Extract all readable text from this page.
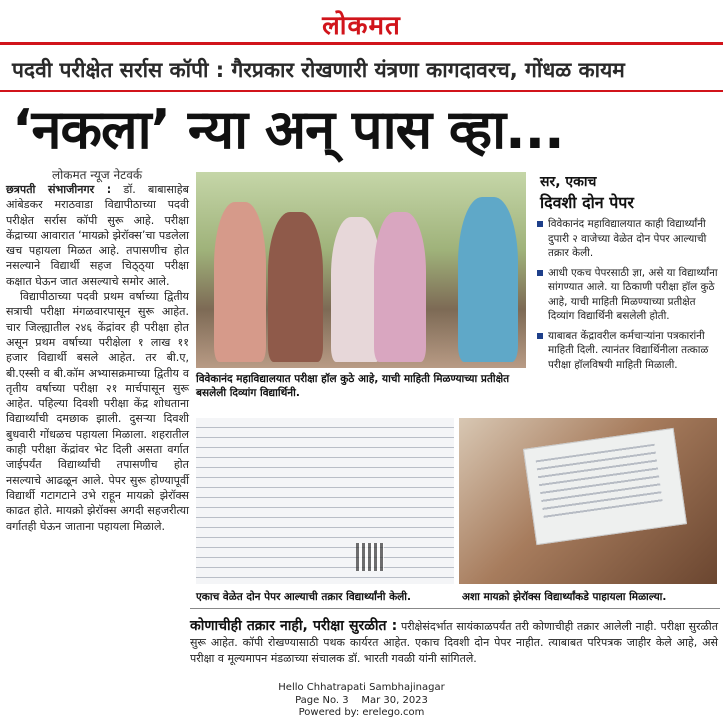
लोकमत
पदवी परीक्षेत सर्रास कॉपी : गैरप्रकार रोखणारी यंत्रणा कागदावरच, गोंधळ कायम
‘नकला’ न्या अन् पास व्हा...
लोकमत न्यूज नेटवर्क

छत्रपती संभाजीनगर : डॉ. बाबासाहेब आंबेडकर मराठवाडा विद्यापीठाच्या पदवी परीक्षेत सर्रास कॉपी सुरू आहे. परीक्षा केंद्राच्या आवारात ‘मायक्रो झेरॉक्स’चा पडलेला खच पहायला मिळत आहे. तपासणीच होत नसल्याने विद्यार्थी सहज चिठ्ठ्या परीक्षा कक्षात घेऊन जात असल्याचे समोर आले.

विद्यापीठाच्या पदवी प्रथम वर्षाच्या द्वितीय सत्राची परीक्षा मंगळवारपासून सुरू आहेत. चार जिल्ह्यातील २४६ केंद्रांवर ही परीक्षा होत असून प्रथम वर्षाच्या परीक्षेला १ लाख ११ हजार विद्यार्थी बसले आहेत. तर बी.ए, बी.एस्सी व बी.कॉम अभ्यासक्रमाच्या द्वितीय व तृतीय वर्षाच्या परीक्षा २१ मार्चपासून सुरू आहेत. पहिल्या दिवशी परीक्षा केंद्र शोधताना विद्यार्थ्यांची दमछाक झाली. दुसऱ्या दिवशी बुधवारी गोंधळच पहायला मिळाला. शहरातील काही परीक्षा केंद्रांवर भेट दिली असता वर्गात जाईपर्यंत विद्यार्थ्यांची तपासणीच होत नसल्याचे आढळून आले. पेपर सुरू होण्यापूर्वी विद्यार्थी गटागटाने उभे राहून मायक्रो झेरॉक्स काढत होते. मायक्रो झेरॉक्स अगदी सहजरीत्या वर्गातही घेऊन जाताना पहायला मिळाले.

विवेकानंद महाविद्यालयात परीक्षा हॉल कुठे आहे, याची माहिती मिळण्याच्या प्रतीक्षेत बसलेली दिव्यांग विद्यार्थिनी.
सर, एकाच
दिवशी दोन पेपर
विवेकानंद महाविद्यालयात काही विद्यार्थ्यांनी दुपारी २ वाजेच्या वेळेत दोन पेपर आल्याची तक्रार केली.
आधी एकच पेपरसाठी ज्ञा, असे या विद्यार्थ्यांना सांगण्यात आले. या ठिकाणी परीक्षा हॉल कुठे आहे, याची माहिती मिळण्याच्या प्रतीक्षेत दिव्यांग विद्यार्थिनी बसलेली होती.
याबाबत केंद्रावरील कर्मचाऱ्यांना पत्रकारांनी माहिती दिली. त्यानंतर विद्यार्थिनीला तत्काळ परीक्षा हॉलविषयी माहिती मिळाली.
एकाच वेळेत दोन पेपर आल्याची तक्रार विद्यार्थ्यांनी केली.	अशा मायक्रो झेरॉक्स विद्यार्थ्यांकडे पाहायला मिळाल्या.
कोणाचीही तक्रार नाही, परीक्षा सुरळीत : परीक्षेसंदर्भात सायंकाळपर्यंत तरी कोणाचीही तक्रार आलेली नाही. परीक्षा सुरळीत सुरू आहेत. कॉपी रोखण्यासाठी पथक कार्यरत आहेत. एकाच दिवशी दोन पेपर नाहीत. त्याबाबत परिपत्रक जाहीर केले आहे, असे परीक्षा व मूल्यमापन मंडळाच्या संचालक डॉ. भारती गवळी यांनी सांगितले.
Hello Chhatrapati Sambhajinagar
Page No. 3    Mar 30, 2023
Powered by: erelego.com
